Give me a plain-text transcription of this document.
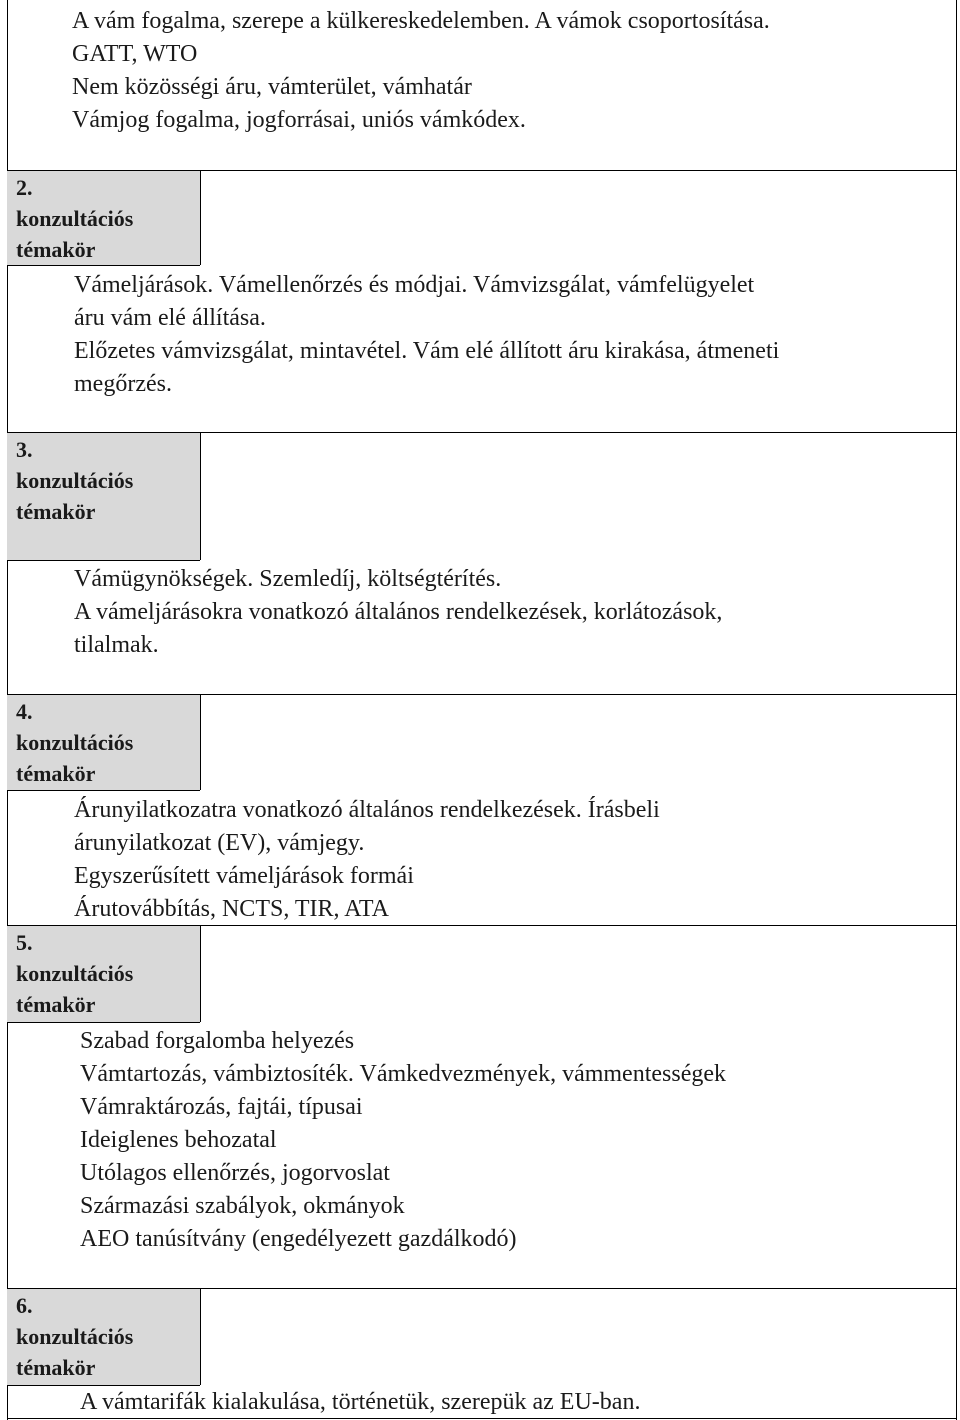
A vám fogalma, szerepe a külkereskedelemben. A vámok csoportosítása.
GATT, WTO
Nem közösségi áru, vámterület, vámhatár
Vámjog fogalma, jogforrásai, uniós vámkódex.
2.
konzultációs
témakör
Vámeljárások. Vámellenőrzés és módjai. Vámvizsgálat, vámfelügyelet
áru vám elé állítása.
Előzetes vámvizsgálat, mintavétel. Vám elé állított áru kirakása, átmeneti
megőrzés.
3.
konzultációs
témakör
Vámügynökségek. Szemledíj, költségtérítés.
A vámeljárásokra vonatkozó általános rendelkezések, korlátozások,
tilalmak.
4.
konzultációs
témakör
Árunyilatkozatra vonatkozó általános rendelkezések. Írásbeli
árunyilatkozat (EV), vámjegy.
Egyszerűsített vámeljárások formái
Árutovábbítás, NCTS, TIR, ATA
5.
konzultációs
témakör
Szabad forgalomba helyezés
Vámtartozás, vámbiztosíték. Vámkedvezmények, vámmentességek
Vámraktározás, fajtái, típusai
Ideiglenes behozatal
Utólagos ellenőrzés, jogorvoslat
Származási szabályok, okmányok
AEO tanúsítvány (engedélyezett gazdálkodó)
6.
konzultációs
témakör
A vámtarifák kialakulása, történetük, szerepük az EU-ban.
